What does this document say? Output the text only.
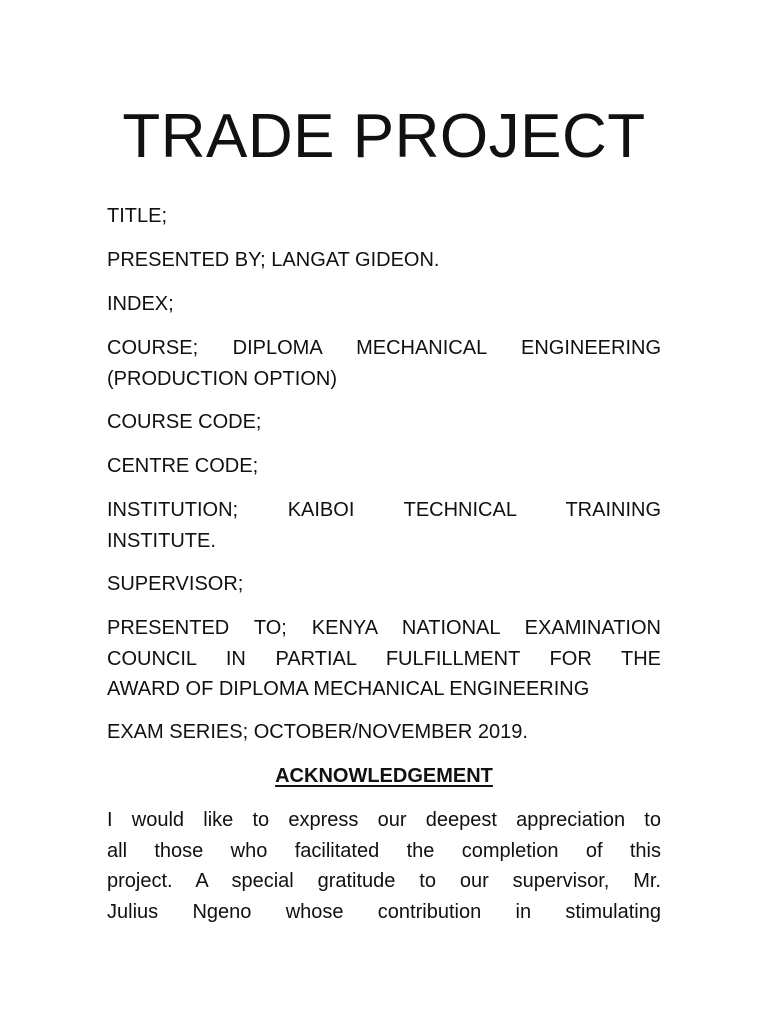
TRADE PROJECT

TITLE;

PRESENTED BY; LANGAT GIDEON.

INDEX;

COURSE; DIPLOMA MECHANICAL ENGINEERING
(PRODUCTION OPTION)

COURSE CODE;

CENTRE CODE;

INSTITUTION; KAIBOI TECHNICAL TRAINING
INSTITUTE.

SUPERVISOR;

PRESENTED TO; KENYA NATIONAL EXAMINATION
COUNCIL IN PARTIAL FULFILLMENT FOR THE
AWARD OF DIPLOMA MECHANICAL ENGINEERING

EXAM SERIES; OCTOBER/NOVEMBER 2019.

ACKNOWLEDGEMENT

I would like to express our deepest appreciation to
all those who facilitated the completion of this
project. A special gratitude to our supervisor, Mr.
Julius Ngeno whose contribution in stimulating
